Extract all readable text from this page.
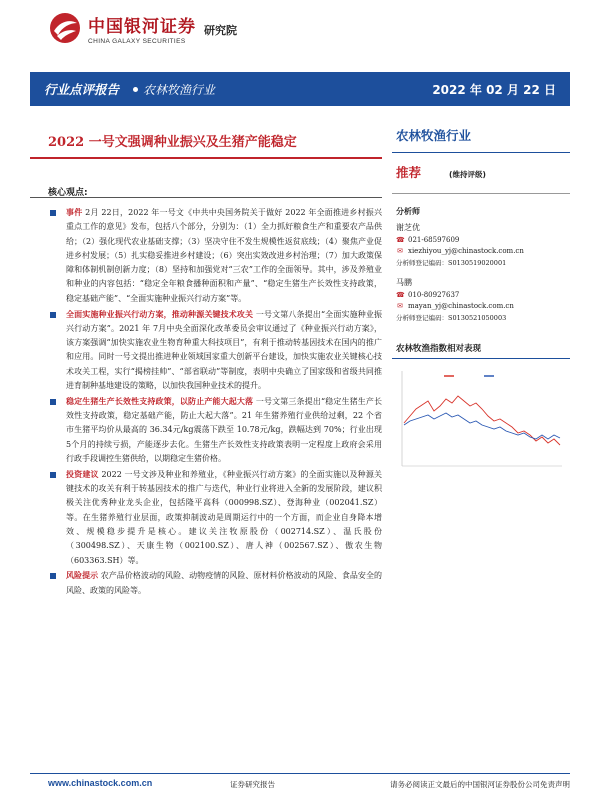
中国银河证券
CHINA GALAXY SECURITIES
研究院
行业点评报告 农林牧渔行业	2022 年 02 月 22 日
2022 一号文强调种业振兴及生猪产能稳定	农林牧渔行业
推荐	(维持评级)
分析师
谢芝优
☎ 021-68597609
✉ xiezhiyou_yj@chinastock.com.cn
分析师登记编码：S0130519020001
马鹏
☎ 010-80927637
✉ mayan_yj@chinastock.com.cn
分析师登记编码：S0130521050003
农林牧渔指数相对表现
核心观点:
事件 2月 22日，2022 年一号文《中共中央国务院关于做好 2022 年全面推进乡村振兴重点工作的意见》发布，包括八个部分，分别为：（1）全力抓好粮食生产和重要农产品供给；（2）强化现代农业基础支撑；（3）坚决守住不发生规模性返贫底线；（4）聚焦产业促进乡村发展；（5）扎实稳妥推进乡村建设；（6）突出实效改进乡村治理；（7）加大政策保障和体制机制创新力度；（8）坚持和加强党对“三农”工作的全面领导。其中，涉及养殖业和种业的内容包括：“稳定全年粮食播种面积和产量”、“稳定生猪生产长效性支持政策，稳定基础产能”、“全面实施种业振兴行动方案”等。
全面实施种业振兴行动方案，推动种源关键技术攻关 一号文第八条提出“全面实施种业振兴行动方案”。2021 年 7月中央全面深化改革委员会审议通过了《种业振兴行动方案》，该方案强调“加快实施农业生物育种重大科技项目”，有利于推动转基因技术在国内的推广和应用。同时一号文提出推进种业领域国家重大创新平台建设，加快实施农业关键核心技术攻关工程，实行“揭榜挂帅”、“部省联动”等制度，表明中央确立了国家级和省级共同推进育制种基地建设的策略，以加快我国种业技术的提升。
稳定生猪生产长效性支持政策，以防止产能大起大落 一号文第三条提出“稳定生猪生产长效性支持政策，稳定基础产能，防止大起大落”。21 年生猪养殖行业供给过剩，22 个省市生猪平均价从最高的 36.34元/kg震荡下跌至 10.78元/kg，跌幅达到 70%；行业出现 5个月的持续亏损，产能逐步去化。生猪生产长效性支持政策表明一定程度上政府会采用行政手段调控生猪供给，以期稳定生猪价格。
投资建议 2022 一号文涉及种业和养殖业，《种业振兴行动方案》的全面实施以及种源关键技术的攻关有利于转基因技术的推广与迭代，种业行业将进入全新的发展阶段，建议积极关注优秀种业龙头企业，包括隆平高科（000998.SZ）、登海种业（002041.SZ）等。在生猪养殖行业层面，政策抑制波动是周期运行中的一个方面，而企业自身降本增效、规模稳步提升是核心。建议关注牧原股份（002714.SZ）、温氏股份（300498.SZ）、天康生物（002100.SZ）、唐人神（002567.SZ）、傲农生物（603363.SH）等。
风险提示 农产品价格波动的风险、动物疫情的风险、原材料价格波动的风险、食品安全的风险、政策的风险等。
www.chinastock.com.cn	证券研究报告	请务必阅读正文最后的中国银河证券股份公司免责声明
